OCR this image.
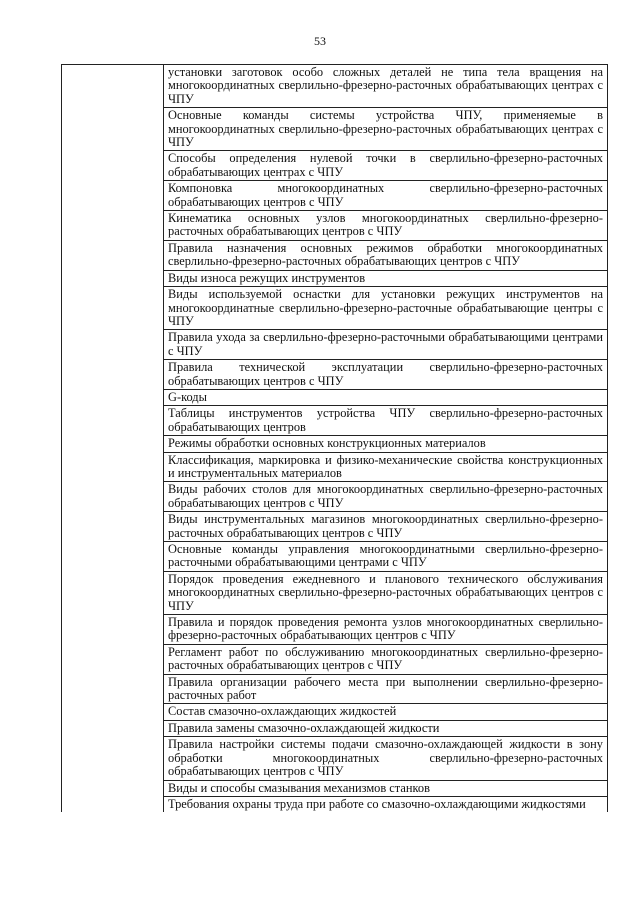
53
	установки заготовок особо сложных деталей не типа тела вращения на многокоординатных сверлильно-фрезерно-расточных обрабатывающих центрах с ЧПУ
Основные команды системы устройства ЧПУ, применяемые в многокоординатных сверлильно-фрезерно-расточных обрабатывающих центрах с ЧПУ
Способы определения нулевой точки в сверлильно-фрезерно-расточных обрабатывающих центрах с ЧПУ
Компоновка многокоординатных сверлильно-фрезерно-расточных обрабатывающих центров с ЧПУ
Кинематика основных узлов многокоординатных сверлильно-фрезерно-расточных обрабатывающих центров с ЧПУ
Правила назначения основных режимов обработки многокоординатных сверлильно-фрезерно-расточных обрабатывающих центров с ЧПУ
Виды износа режущих инструментов
Виды используемой оснастки для установки режущих инструментов на многокоординатные сверлильно-фрезерно-расточные обрабатывающие центры с ЧПУ
Правила ухода за сверлильно-фрезерно-расточными обрабатывающими центрами с ЧПУ
Правила технической эксплуатации сверлильно-фрезерно-расточных обрабатывающих центров с ЧПУ
G-коды
Таблицы инструментов устройства ЧПУ сверлильно-фрезерно-расточных обрабатывающих центров
Режимы обработки основных конструкционных материалов
Классификация, маркировка и физико-механические свойства конструкционных и инструментальных материалов
Виды рабочих столов для многокоординатных сверлильно-фрезерно-расточных обрабатывающих центров с ЧПУ
Виды инструментальных магазинов многокоординатных сверлильно-фрезерно-расточных обрабатывающих центров с ЧПУ
Основные команды управления многокоординатными сверлильно-фрезерно-расточными обрабатывающими центрами с ЧПУ
Порядок проведения ежедневного и планового технического обслуживания многокоординатных сверлильно-фрезерно-расточных обрабатывающих центров с ЧПУ
Правила и порядок проведения ремонта узлов многокоординатных сверлильно-фрезерно-расточных обрабатывающих центров с ЧПУ
Регламент работ по обслуживанию многокоординатных сверлильно-фрезерно-расточных обрабатывающих центров с ЧПУ
Правила организации рабочего места при выполнении сверлильно-фрезерно-расточных работ
Состав смазочно-охлаждающих жидкостей
Правила замены смазочно-охлаждающей жидкости
Правила настройки системы подачи смазочно-охлаждающей жидкости в зону обработки многокоординатных сверлильно-фрезерно-расточных обрабатывающих центров с ЧПУ
Виды и способы смазывания механизмов станков
Требования охраны труда при работе со смазочно-охлаждающими жидкостями
